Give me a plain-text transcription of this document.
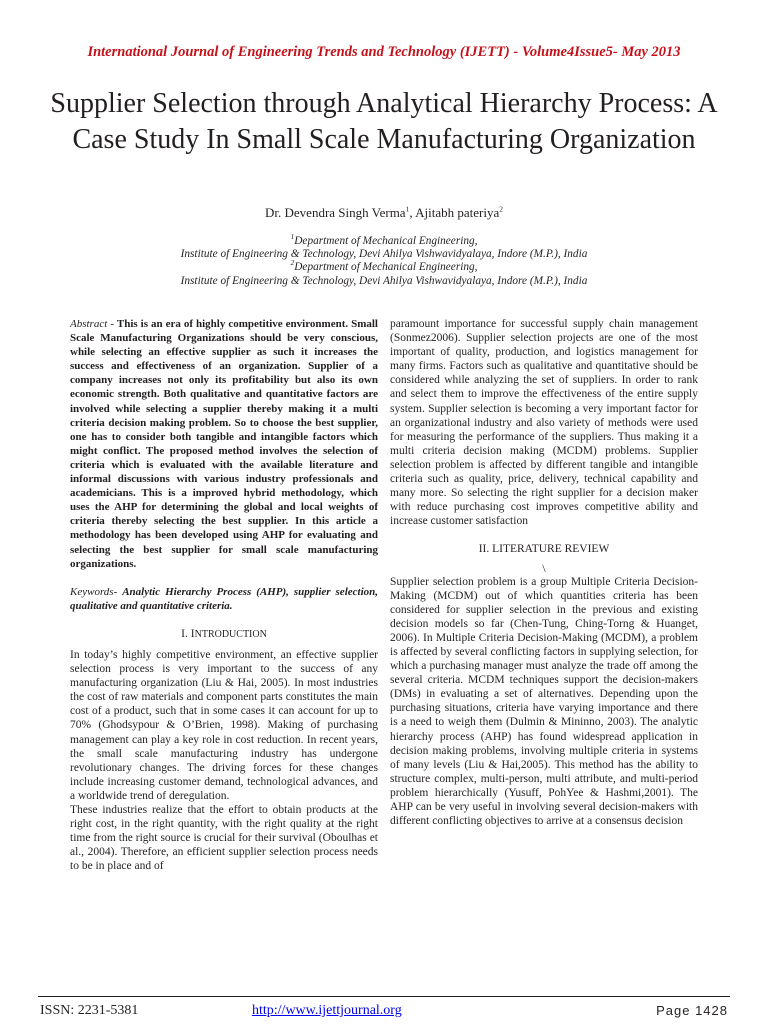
International Journal of Engineering Trends and Technology (IJETT) - Volume4Issue5- May 2013
Supplier Selection through Analytical Hierarchy Process: A Case Study In Small Scale Manufacturing Organization
Dr. Devendra Singh Verma$^1$, Ajitabh pateriya$^2$
$^1$Department of Mechanical Engineering,
Institute of Engineering & Technology, Devi Ahilya Vishwavidyalaya, Indore (M.P.), India
$^2$Department of Mechanical Engineering,
Institute of Engineering & Technology, Devi Ahilya Vishwavidyalaya, Indore (M.P.), India

Abstract - This is an era of highly competitive environment. Small Scale Manufacturing Organizations should be very conscious, while selecting an effective supplier as such it increases the success and effectiveness of an organization. Supplier of a company increases not only its profitability but also its own economic strength. Both qualitative and quantitative factors are involved while selecting a supplier thereby making it a multi criteria decision making problem. So to choose the best supplier, one has to consider both tangible and intangible factors which might conflict. The proposed method involves the selection of criteria which is evaluated with the available literature and informal discussions with various industry professionals and academicians. This is a improved hybrid methodology, which uses the AHP for determining the global and local weights of criteria thereby selecting the best supplier. In this article a methodology has been developed using AHP for evaluating and selecting the best supplier for small scale manufacturing organizations.

Keywords- Analytic Hierarchy Process (AHP), supplier selection, qualitative and quantitative criteria.

I. INTRODUCTION

In today’s highly competitive environment, an effective supplier selection process is very important to the success of any manufacturing organization (Liu & Hai, 2005). In most industries the cost of raw materials and component parts constitutes the main cost of a product, such that in some cases it can account for up to 70% (Ghodsypour & O’Brien, 1998). Making of purchasing management can play a key role in cost reduction. In recent years, the small scale manufacturing industry has undergone revolutionary changes. The driving forces for these changes include increasing customer demand, technological advances, and a worldwide trend of deregulation.

These industries realize that the effort to obtain products at the right cost, in the right quantity, with the right quality at the right time from the right source is crucial for their survival (Oboulhas et al., 2004). Therefore, an efficient supplier selection process needs to be in place and of

paramount importance for successful supply chain management (Sonmez2006). Supplier selection projects are one of the most important of quality, production, and logistics management for many firms. Factors such as qualitative and quantitative should be considered while analyzing the set of suppliers. In order to rank and select them to improve the effectiveness of the entire supply system. Supplier selection is becoming a very important factor for an organizational industry and also variety of methods were used for measuring the performance of the suppliers. Thus making it a multi criteria decision making (MCDM) problems. Supplier selection problem is affected by different tangible and intangible criteria such as quality, price, delivery, technical capability and many more. So selecting the right supplier for a decision maker with reduce purchasing cost improves competitive ability and increase customer satisfaction

II. LITERATURE REVIEW

\

Supplier selection problem is a group Multiple Criteria Decision-Making (MCDM) out of which quantities criteria has been considered for supplier selection in the previous and existing decision models so far (Chen-Tung, Ching-Torng & Huanget, 2006). In Multiple Criteria Decision-Making (MCDM), a problem is affected by several conflicting factors in supplying selection, for which a purchasing manager must analyze the trade off among the several criteria. MCDM techniques support the decision-makers (DMs) in evaluating a set of alternatives. Depending upon the purchasing situations, criteria have varying importance and there is a need to weigh them (Dulmin & Mininno, 2003). The analytic hierarchy process (AHP) has found widespread application in decision making problems, involving multiple criteria in systems of many levels (Liu & Hai,2005). This method has the ability to structure complex, multi-person, multi attribute, and multi-period problem hierarchically (Yusuff, PohYee & Hashmi,2001). The AHP can be very useful in involving several decision-makers with different conflicting objectives to arrive at a consensus decision

ISSN: 2231-5381	http://www.ijettjournal.org	Page 1428
